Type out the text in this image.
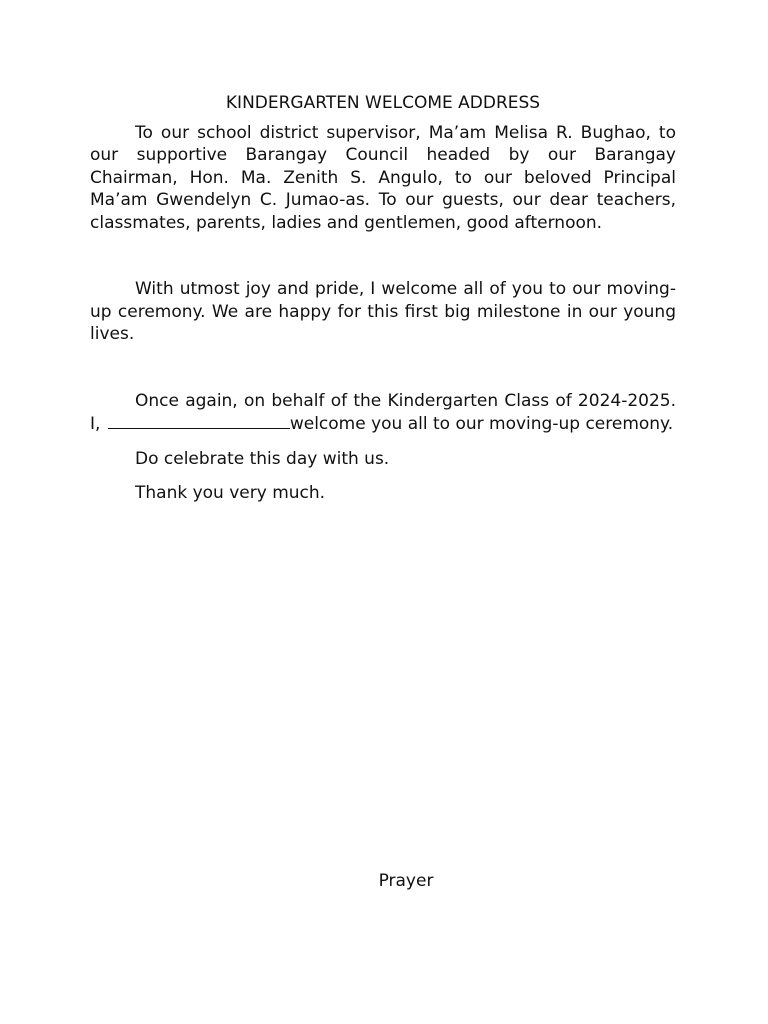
KINDERGARTEN WELCOME ADDRESS

To our school district supervisor, Ma’am Melisa R. Bughao, to our supportive Barangay Council headed by our Barangay Chairman, Hon. Ma. Zenith S. Angulo, to our beloved Principal Ma’am Gwendelyn C. Jumao-as. To our guests, our dear teachers, classmates, parents, ladies and gentlemen, good afternoon.

With utmost joy and pride, I welcome all of you to our moving-up ceremony. We are happy for this first big milestone in our young lives.

Once again, on behalf of the Kindergarten Class of 2024-2025. I,	welcome you all to our moving-up ceremony.

Do celebrate this day with us.

Thank you very much.

Prayer
